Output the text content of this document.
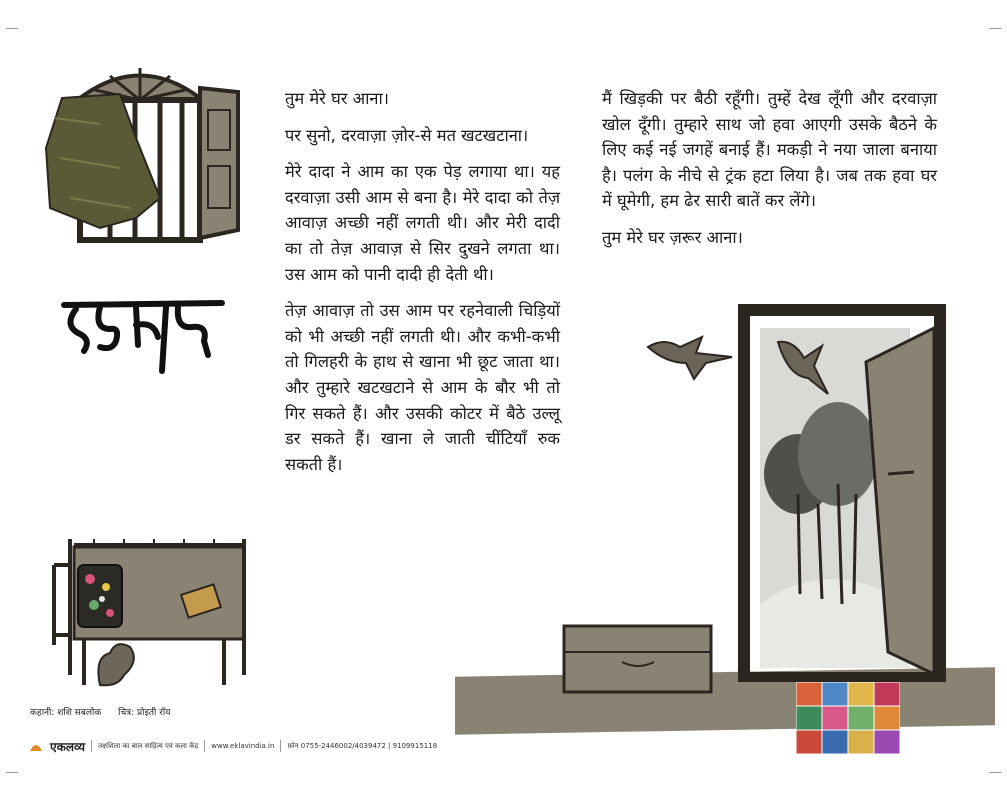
तुम मेरे घर आना।

पर सुनो, दरवाज़ा ज़ोर-से मत खटखटाना।

मेरे दादा ने आम का एक पेड़ लगाया था। यह दरवाज़ा उसी आम से बना है। मेरे दादा को तेज़ आवाज़ अच्छी नहीं लगती थी। और मेरी दादी का तो तेज़ आवाज़ से सिर दुखने लगता था। उस आम को पानी दादी ही देती थी।

तेज़ आवाज़ तो उस आम पर रहनेवाली चिड़ियों को भी अच्छी नहीं लगती थी। और कभी-कभी तो गिलहरी के हाथ से खाना भी छूट जाता था। और तुम्हारे खटखटाने से आम के बौर भी तो गिर सकते हैं। और उसकी कोटर में बैठे उल्लू डर सकते हैं। खाना ले जाती चींटियाँ रुक सकती हैं।

मैं खिड़की पर बैठी रहूँगी। तुम्हें देख लूँगी और दरवाज़ा खोल दूँगी। तुम्हारे साथ जो हवा आएगी उसके बैठने के लिए कई नई जगहें बनाई हैं। मकड़ी ने नया जाला बनाया है। पलंग के नीचे से ट्रंक हटा लिया है। जब तक हवा घर में घूमेगी, हम ढेर सारी बातें कर लेंगे।

तुम मेरे घर ज़रूर आना।

कहानी: शशि सबलोक चित्र: प्रोइती रॉय
एकलव्य तक्षशिला का बाल साहित्य एवं कला केंद्र www.eklavindia.in फ़ोन 0755-2446002/4039472 | 9109915118
